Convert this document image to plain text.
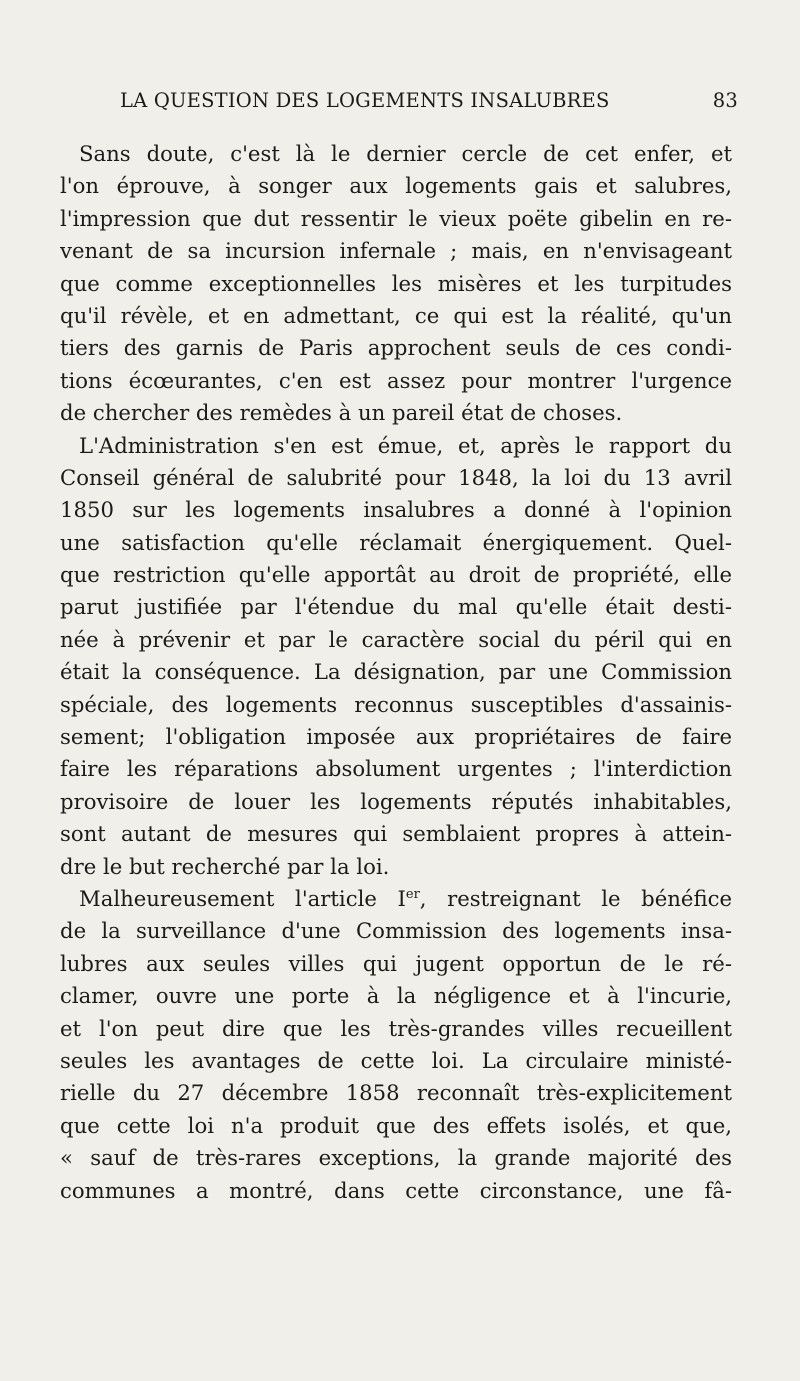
LA QUESTION DES LOGEMENTS INSALUBRES	83
Sans doute, c'est là le dernier cercle de cet enfer, et
l'on éprouve, à songer aux logements gais et salubres,
l'impression que dut ressentir le vieux poëte gibelin en re-
venant de sa incursion infernale ; mais, en n'envisageant
que comme exceptionnelles les misères et les turpitudes
qu'il révèle, et en admettant, ce qui est la réalité, qu'un
tiers des garnis de Paris approchent seuls de ces condi-
tions écœurantes, c'en est assez pour montrer l'urgence
de chercher des remèdes à un pareil état de choses.
L'Administration s'en est émue, et, après le rapport du
Conseil général de salubrité pour 1848, la loi du 13 avril
1850 sur les logements insalubres a donné à l'opinion
une satisfaction qu'elle réclamait énergiquement. Quel-
que restriction qu'elle apportât au droit de propriété, elle
parut justifiée par l'étendue du mal qu'elle était desti-
née à prévenir et par le caractère social du péril qui en
était la conséquence. La désignation, par une Commission
spéciale, des logements reconnus susceptibles d'assainis-
sement; l'obligation imposée aux propriétaires de faire
faire les réparations absolument urgentes ; l'interdiction
provisoire de louer les logements réputés inhabitables,
sont autant de mesures qui semblaient propres à attein-
dre le but recherché par la loi.
Malheureusement l'article Ier, restreignant le bénéfice
de la surveillance d'une Commission des logements insa-
lubres aux seules villes qui jugent opportun de le ré-
clamer, ouvre une porte à la négligence et à l'incurie,
et l'on peut dire que les très-grandes villes recueillent
seules les avantages de cette loi. La circulaire ministé-
rielle du 27 décembre 1858 reconnaît très-explicitement
que cette loi n'a produit que des effets isolés, et que,
« sauf de très-rares exceptions, la grande majorité des
communes a montré, dans cette circonstance, une fâ-
